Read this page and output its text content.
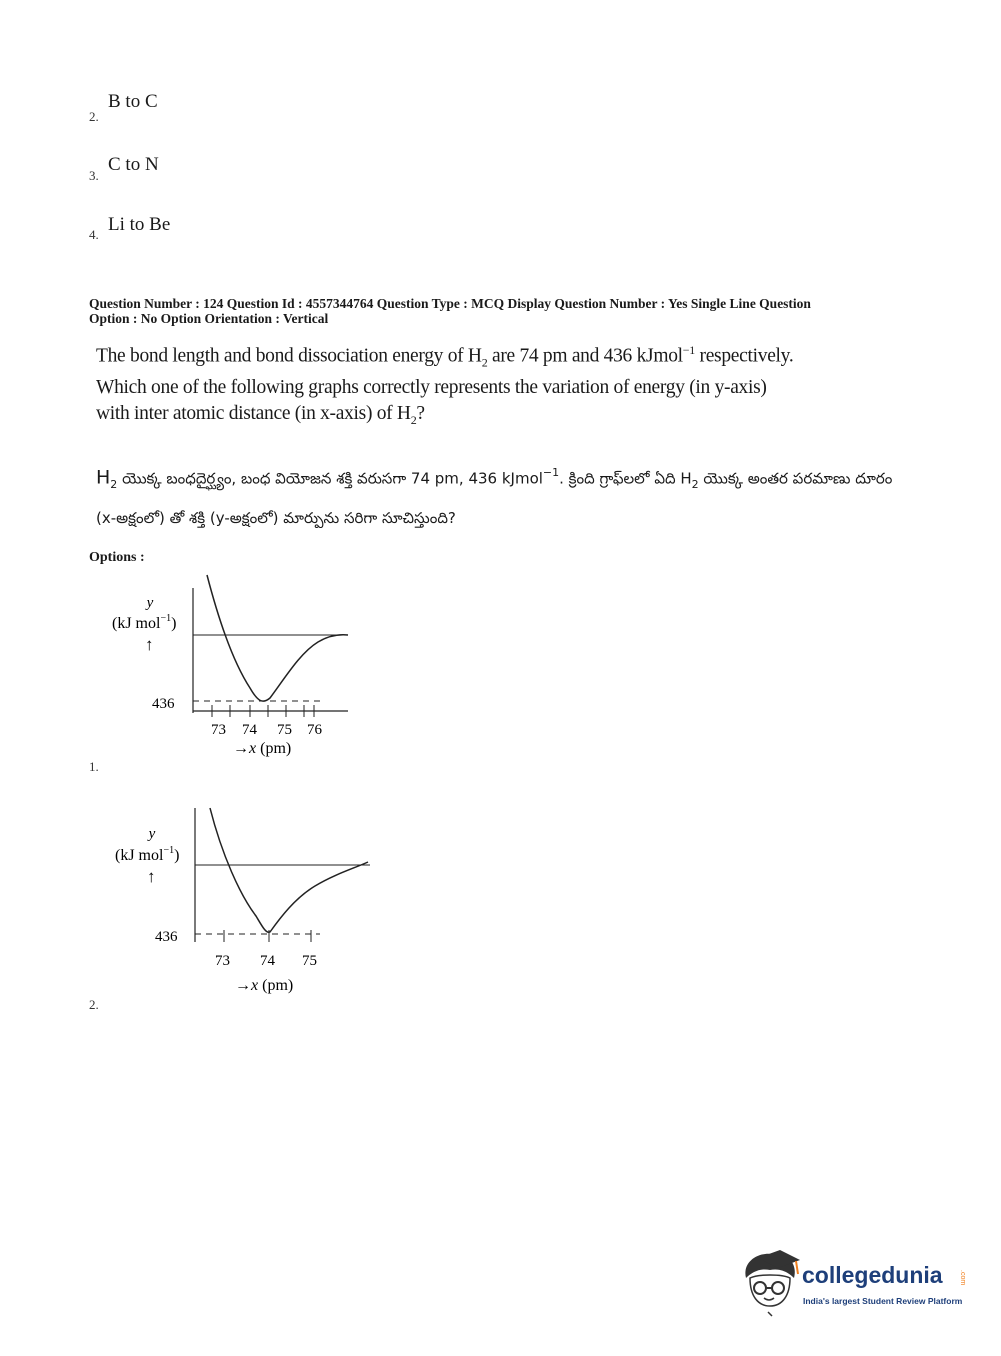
2.
B to C
3.
C to N
4. Li to Be
Question Number : 124 Question Id : 4557344764 Question Type : MCQ Display Question Number : Yes Single Line Question
Option : No Option Orientation : Vertical
The bond length and bond dissociation energy of $H_2$ are 74 pm and 436 kJmol$^{-1}$ respectively.
Which one of the following graphs correctly represents the variation of energy (in y-axis)
with inter atomic distance (in x-axis) of $H_2$?
$H_2$ యొక్క బంధదైర్ఘ్యం, బంధ వియోజన శక్తి వరుసగా 74 pm, 436 kJmol$^{-1}$. క్రింది గ్రాఫ్‌లలో ఏది $H_2$ యొక్క అంతర పరమాణు దూరం (x-అక్షంలో) తో శక్తి (y-అక్షంలో) మార్పును సరిగా సూచిస్తుంది?
Options :
y
(kJ mol$^{-1}$)
↑
436
73 74 75 76
→x (pm)
1.
y
(kJ mol$^{-1}$)
↑
436
73 74 75
→x (pm)
2.
collegedunia .com
India's largest Student Review Platform
